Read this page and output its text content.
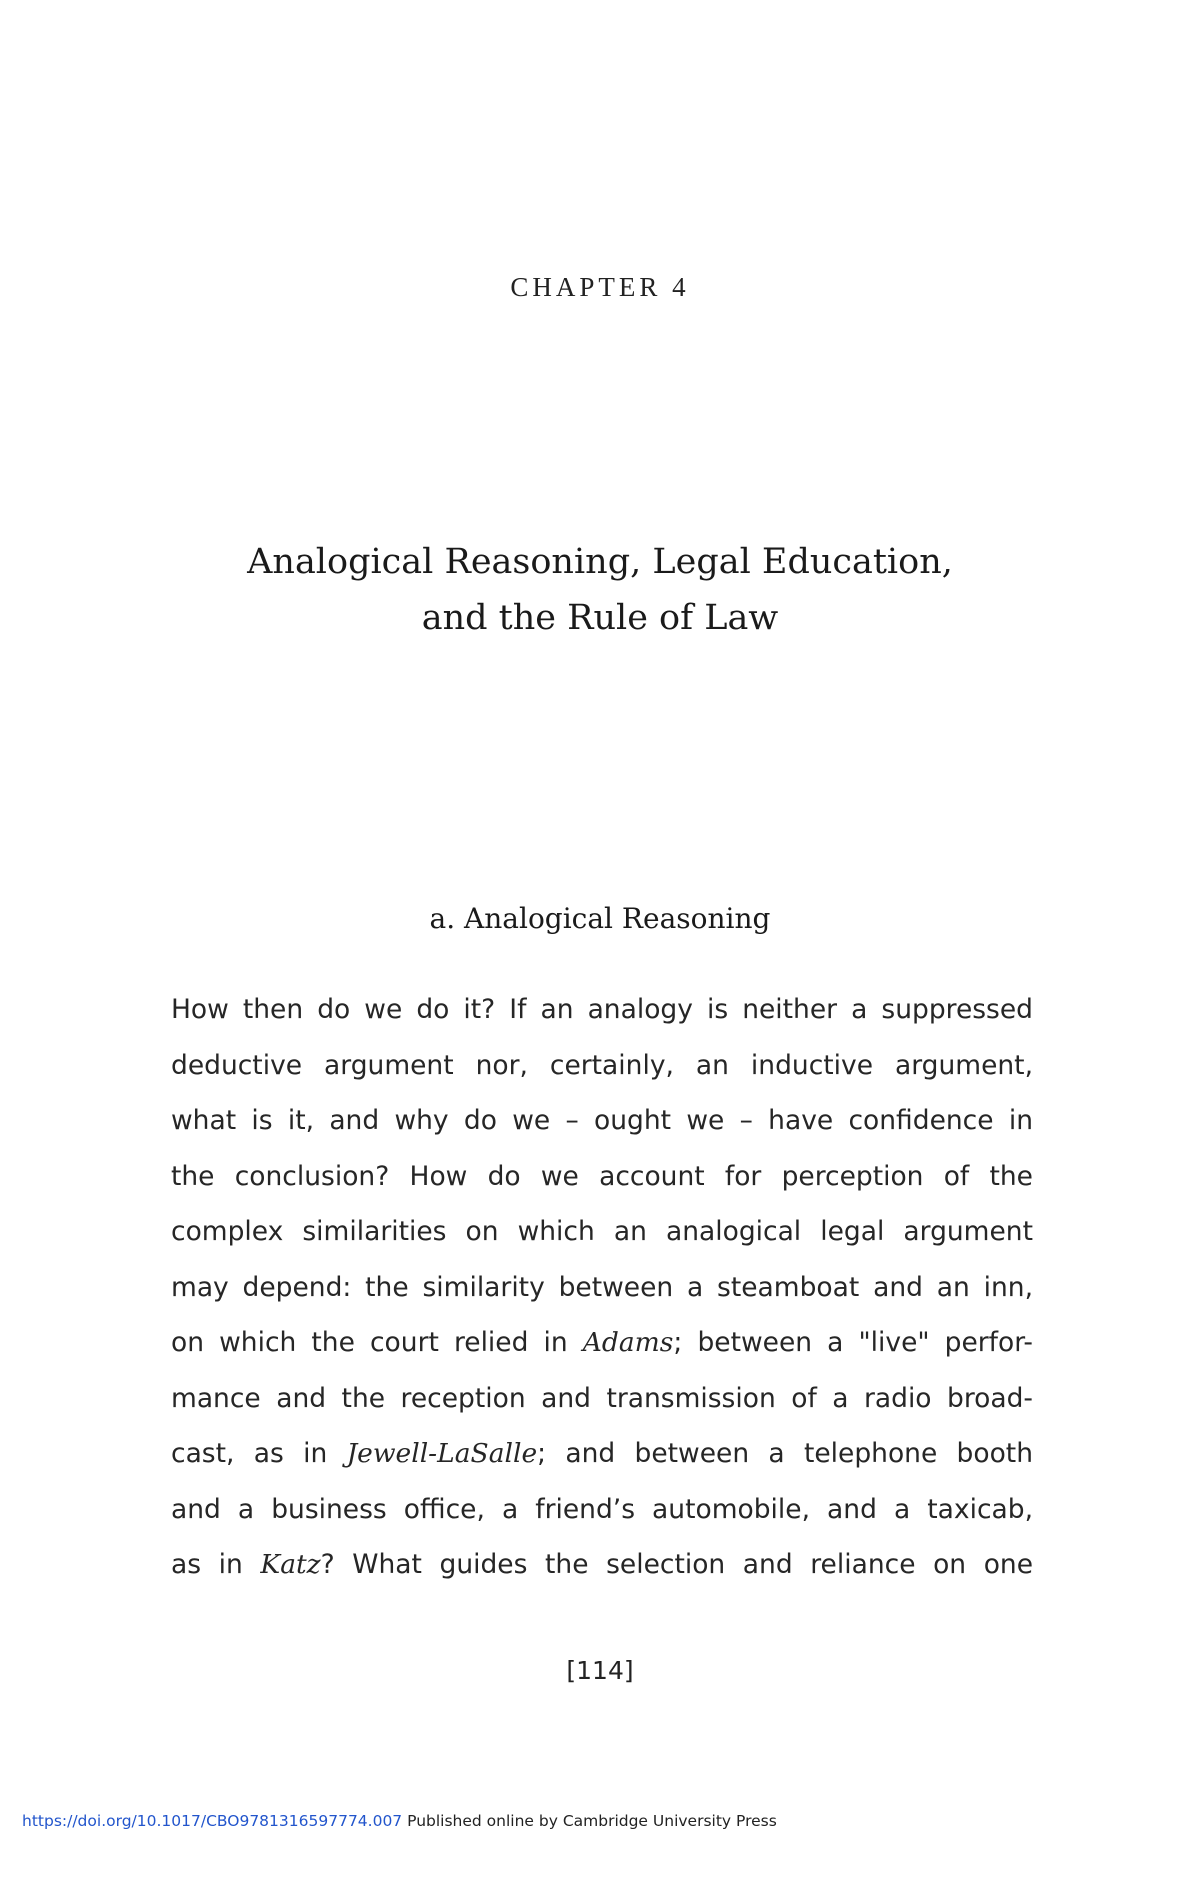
CHAPTER 4
Analogical Reasoning, Legal Education,
and the Rule of Law
a. Analogical Reasoning
How then do we do it? If an analogy is neither a suppressed
deductive argument nor, certainly, an inductive argument,
what is it, and why do we – ought we – have confidence in
the conclusion? How do we account for perception of the
complex similarities on which an analogical legal argument
may depend: the similarity between a steamboat and an inn,
on which the court relied in Adams; between a "live" perfor-
mance and the reception and transmission of a radio broad-
cast, as in Jewell-LaSalle; and between a telephone booth
and a business office, a friend’s automobile, and a taxicab,
as in Katz? What guides the selection and reliance on one
[114]
https://doi.org/10.1017/CBO9781316597774.007 Published online by Cambridge University Press
